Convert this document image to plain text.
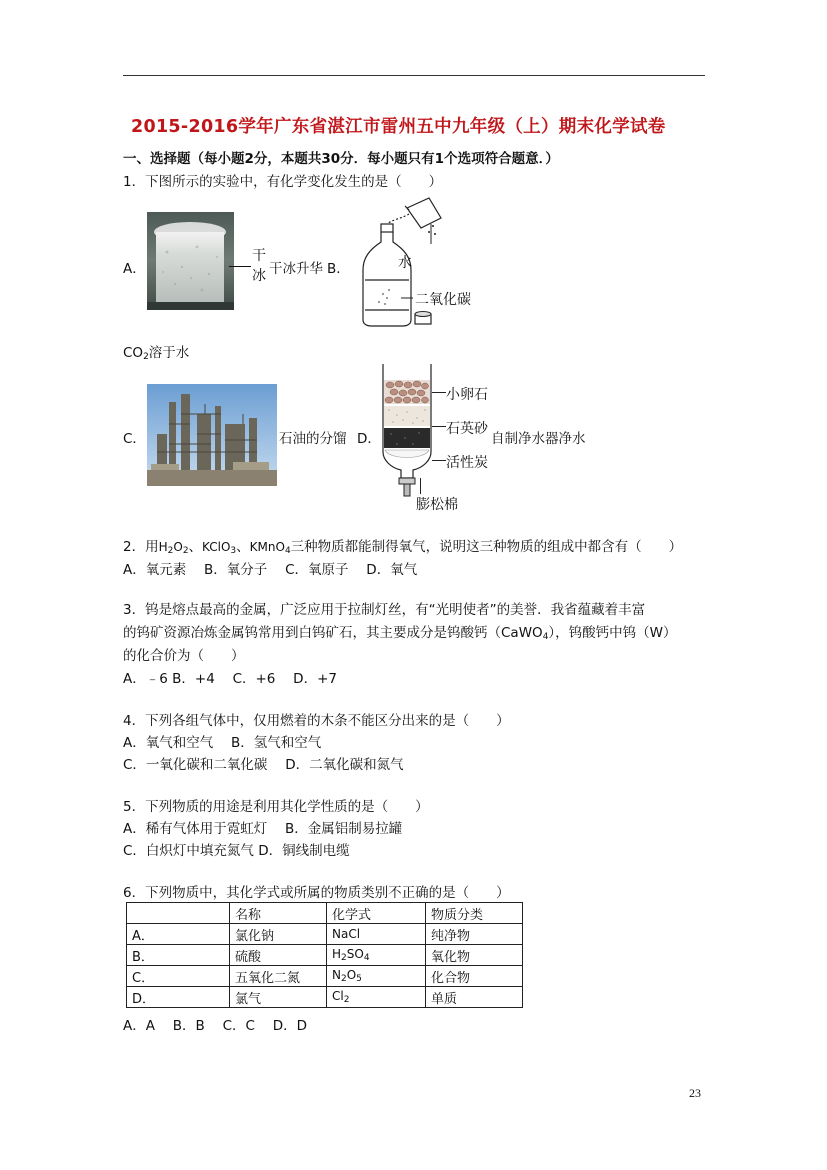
2015-2016学年广东省湛江市雷州五中九年级（上）期末化学试卷
一、选择题（每小题2分，本题共30分．每小题只有1个选项符合题意．）
1．下图所示的实验中，有化学变化发生的是（　　）
A．
干
冰 干冰升华 B．	水
二氧化碳
$CO_2$溶于水
C．	石油的分馏 D．
小卵石
石英砂
活性炭
膨松棉
自制净水器净水
2．用$H_2O_2$、KClO$_3$、KMnO$_4$三种物质都能制得氧气，说明这三种物质的组成中都含有（　　）
A．氧元素　 B．氧分子　 C．氧原子　 D．氧气
3．钨是熔点最高的金属，广泛应用于拉制灯丝，有“光明使者”的美誉．我省蕴藏着丰富
的钨矿资源冶炼金属钨常用到白钨矿石，其主要成分是钨酸钙（CaWO$_4$），钨酸钙中钨（W）
的化合价为（　　）
A．﹣6 B．+4　 C．+6　 D．+7
4．下列各组气体中，仅用燃着的木条不能区分出来的是（　　）
A．氧气和空气　 B．氢气和空气
C．一氧化碳和二氧化碳　 D．二氧化碳和氮气
5．下列物质的用途是利用其化学性质的是（　　）
A．稀有气体用于霓虹灯　 B．金属铝制易拉罐
C．白炽灯中填充氮气 D．铜线制电缆
6．下列物质中，其化学式或所属的物质类别不正确的是（　　）
	名称	化学式	物质分类
A．	氯化钠	NaCl	纯净物
B．	硫酸	$H_2SO_4$	氧化物
C．	五氧化二氮	$N_2O_5$	化合物
D．	氯气	$Cl_2$	单质
A．A　 B．B　 C．C　 D．D
23
